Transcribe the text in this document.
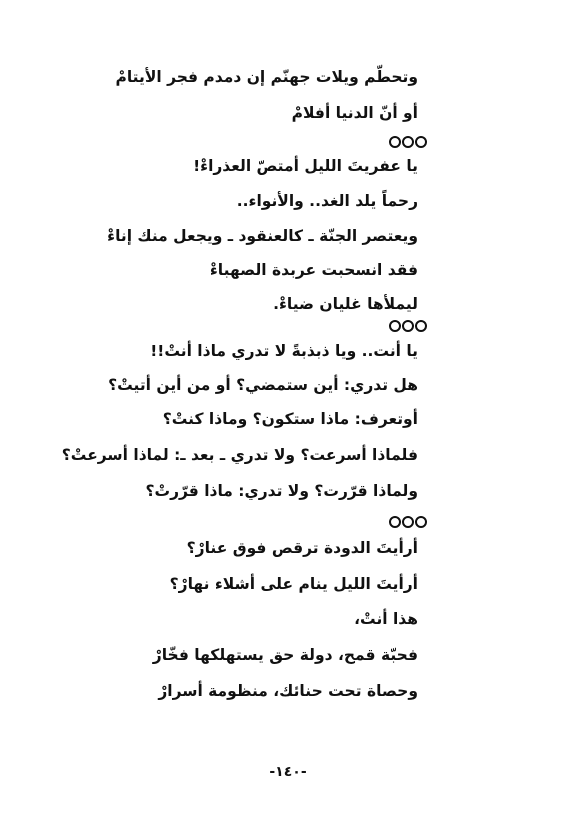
وتحطّم ويلات جهنّم إن دمدم فجر الأيتامْ
أو أنّ الدنيا أفلامْ
يا عفريتَ الليل أمتصّ العذراءْ!
رحماً يلد الغد.. والأنواء..
ويعتصر الجنّة ـ كالعنقود ـ ويجعل منك إناءْ
فقد انسحبت عربدة الصهباءْ
ليملأها غليان ضياءْ.
يا أنت.. ويا ذبذبةً لا تدري ماذا أنتْ!!
هل تدري: أين ستمضي؟ أو من أين أتيتْ؟
أوتعرف: ماذا ستكون؟ وماذا كنتْ؟
فلماذا أسرعت؟ ولا تدري ـ بعد ـ: لماذا أسرعتْ؟
ولماذا قرّرت؟ ولا تدري: ماذا قرّرتْ؟
أرأيتَ الدودة ترقص فوق عنارْ؟
أرأيتَ الليل ينام على أشلاء نهارْ؟
هذا أنتْ،
فحبّة قمح، دولة حق يستهلكها فخّارْ
وحصاة تحت حنائك، منظومة أسرارْ
-١٤٠-
